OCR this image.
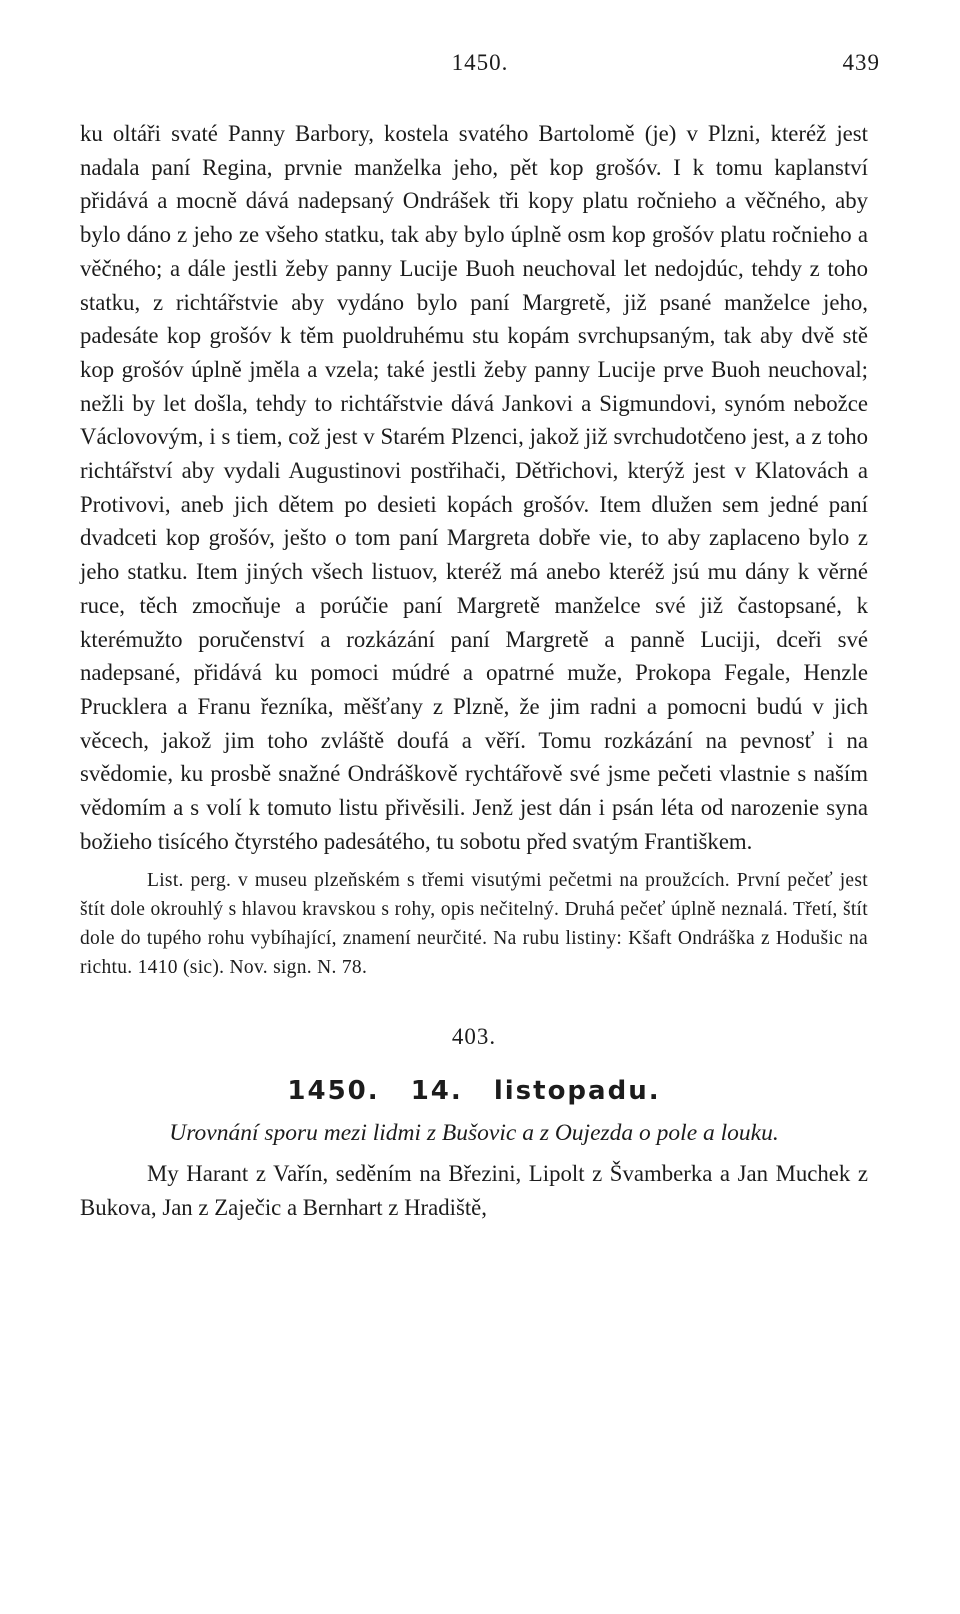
1450.	439

ku oltáři svaté Panny Barbory, kostela svatého Bartolomě (je) v Plzni, kteréž jest nadala paní Regina, prvnie manželka jeho, pět kop grošóv. I k tomu kaplanství přidává a mocně dává nadepsaný Ondrášek tři kopy platu ročnieho a věčného, aby bylo dáno z jeho ze všeho statku, tak aby bylo úplně osm kop grošóv platu ročnieho a věčného; a dále jestli žeby panny Lucije Buoh neuchoval let nedojdúc, tehdy z toho statku, z richtářstvie aby vydáno bylo paní Margretě, již psané manželce jeho, padesáte kop grošóv k těm puoldruhému stu kopám svrchupsaným, tak aby dvě stě kop grošóv úplně jměla a vzela; také jestli žeby panny Lucije prve Buoh neuchoval; nežli by let došla, tehdy to richtářstvie dává Jankovi a Sigmundovi, synóm nebožce Václovovým, i s tiem, což jest v Starém Plzenci, jakož již svrchudotčeno jest, a z toho richtářství aby vydali Augustinovi postřihači, Dětřichovi, kterýž jest v Klatovách a Protivovi, aneb jich dětem po desieti kopách grošóv. Item dlužen sem jedné paní dvadceti kop grošóv, ješto o tom paní Margreta dobře vie, to aby zaplaceno bylo z jeho statku. Item jiných všech listuov, kteréž má anebo kteréž jsú mu dány k věrné ruce, těch zmocňuje a porúčie paní Margretě manželce své již častopsané, k kterémužto poručenství a rozkázání paní Margretě a panně Luciji, dceři své nadepsané, přidává ku pomoci múdré a opatrné muže, Prokopa Fegale, Henzle Prucklera a Franu řezníka, měšťany z Plzně, že jim radni a pomocni budú v jich věcech, jakož jim toho zvláště doufá a věří. Tomu rozkázání na pevnosť i na svědomie, ku prosbě snažné Ondráškově rychtářově své jsme pečeti vlastnie s naším vědomím a s volí k tomuto listu přivěsili. Jenž jest dán i psán léta od narozenie syna božieho tisícého čtyrstého padesátého, tu sobotu před svatým Františkem.

List. perg. v museu plzeňském s třemi visutými pečetmi na proužcích. První pečeť jest štít dole okrouhlý s hlavou kravskou s rohy, opis nečitelný. Druhá pečeť úplně neznalá. Třetí, štít dole do tupého rohu vybíhající, znamení neurčité. Na rubu listiny: Kšaft Ondráška z Hodušic na richtu. 1410 (sic). Nov. sign. N. 78.

403.
1450. 14. listopadu.
Urovnání sporu mezi lidmi z Bušovic a z Oujezda o pole a louku.

My Harant z Vařín, seděním na Březini, Lipolt z Švamberka a Jan Muchek z Bukova, Jan z Zaječic a Bernhart z Hradiště,
